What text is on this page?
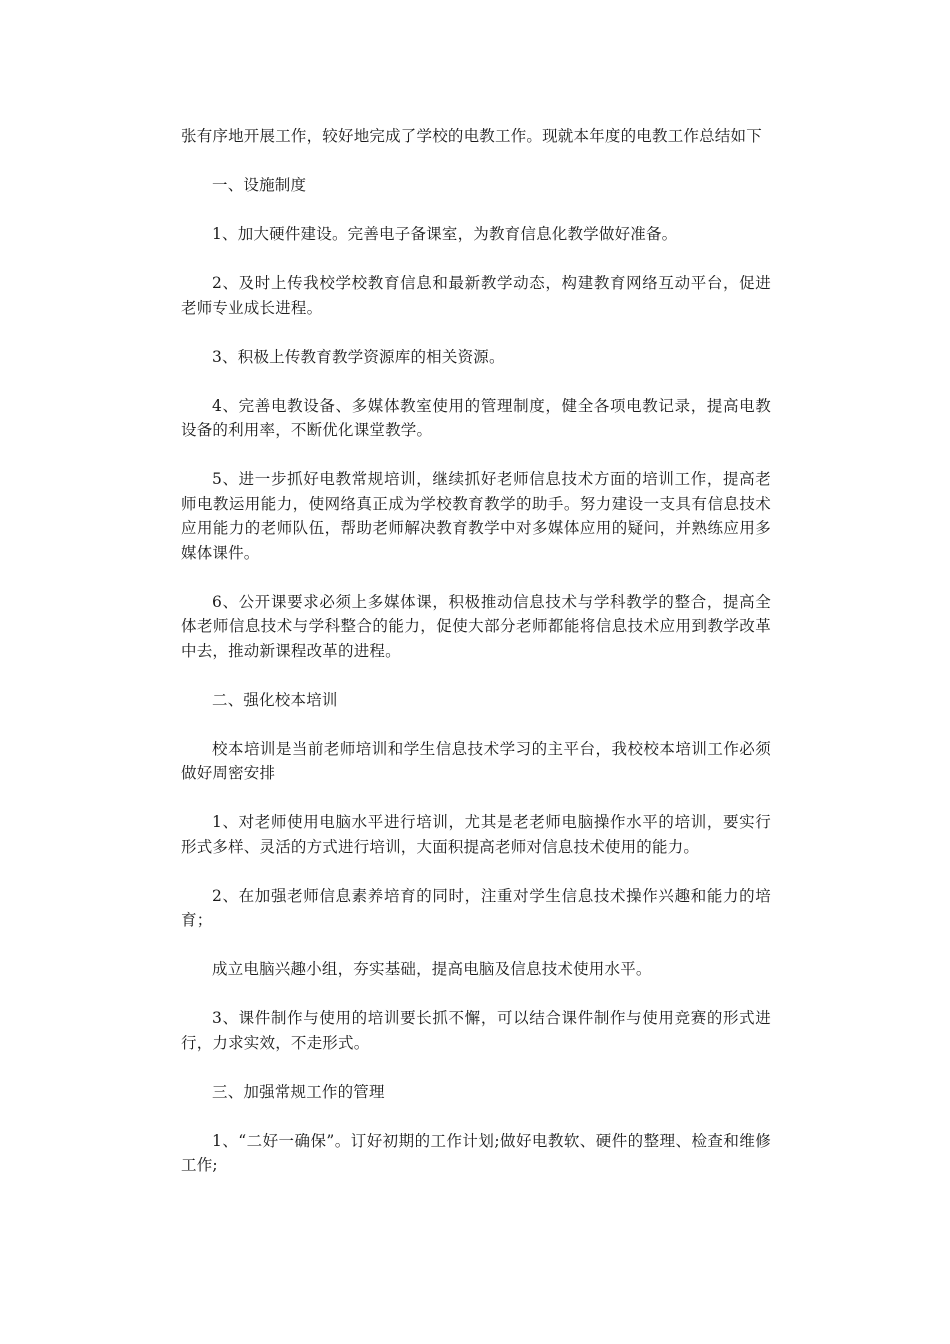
张有序地开展工作，较好地完成了学校的电教工作。现就本年度的电教工作总结如下

一、设施制度

1、加大硬件建设。完善电子备课室，为教育信息化教学做好准备。

2、及时上传我校学校教育信息和最新教学动态，构建教育网络互动平台，促进老师专业成长进程。

3、积极上传教育教学资源库的相关资源。

4、完善电教设备、多媒体教室使用的管理制度，健全各项电教记录，提高电教设备的利用率，不断优化课堂教学。

5、进一步抓好电教常规培训，继续抓好老师信息技术方面的培训工作，提高老师电教运用能力，使网络真正成为学校教育教学的助手。努力建设一支具有信息技术应用能力的老师队伍，帮助老师解决教育教学中对多媒体应用的疑问，并熟练应用多媒体课件。

6、公开课要求必须上多媒体课，积极推动信息技术与学科教学的整合，提高全体老师信息技术与学科整合的能力，促使大部分老师都能将信息技术应用到教学改革中去，推动新课程改革的进程。

二、强化校本培训

校本培训是当前老师培训和学生信息技术学习的主平台，我校校本培训工作必须做好周密安排

1、对老师使用电脑水平进行培训，尤其是老老师电脑操作水平的培训，要实行形式多样、灵活的方式进行培训，大面积提高老师对信息技术使用的能力。

2、在加强老师信息素养培育的同时，注重对学生信息技术操作兴趣和能力的培育；

成立电脑兴趣小组，夯实基础，提高电脑及信息技术使用水平。

3、课件制作与使用的培训要长抓不懈，可以结合课件制作与使用竞赛的形式进行，力求实效，不走形式。

三、加强常规工作的管理

1、“二好一确保”。订好初期的工作计划;做好电教软、硬件的整理、检查和维修工作;
